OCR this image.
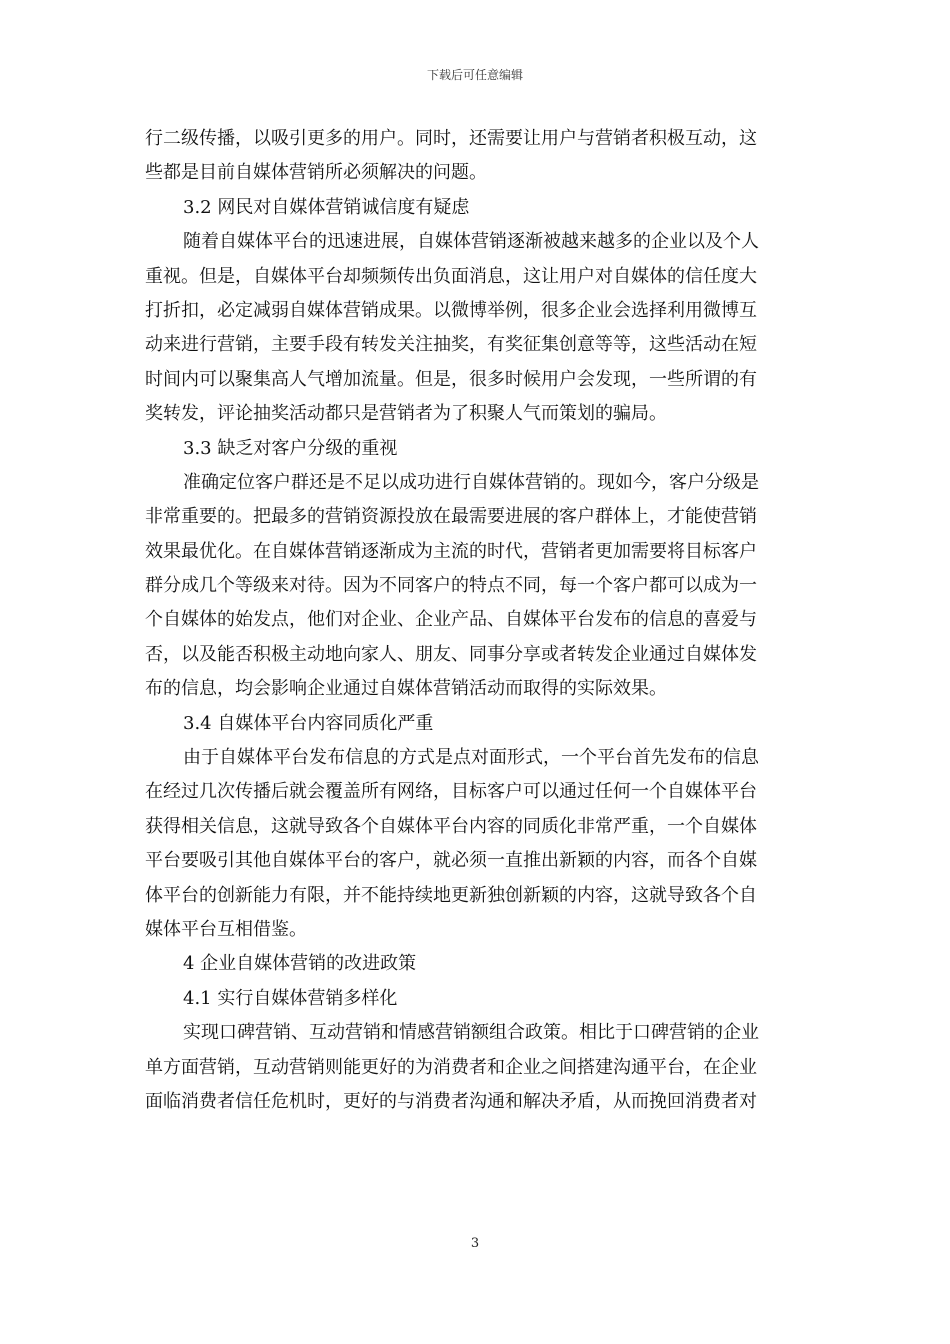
下载后可任意编辑
行二级传播，以吸引更多的用户。同时，还需要让用户与营销者积极互动，这
些都是目前自媒体营销所必须解决的问题。
3.2 网民对自媒体营销诚信度有疑虑
随着自媒体平台的迅速进展，自媒体营销逐渐被越来越多的企业以及个人
重视。但是，自媒体平台却频频传出负面消息，这让用户对自媒体的信任度大
打折扣，必定减弱自媒体营销成果。以微博举例，很多企业会选择利用微博互
动来进行营销，主要手段有转发关注抽奖，有奖征集创意等等，这些活动在短
时间内可以聚集高人气增加流量。但是，很多时候用户会发现，一些所谓的有
奖转发，评论抽奖活动都只是营销者为了积聚人气而策划的骗局。
3.3 缺乏对客户分级的重视
准确定位客户群还是不足以成功进行自媒体营销的。现如今，客户分级是
非常重要的。把最多的营销资源投放在最需要进展的客户群体上，才能使营销
效果最优化。在自媒体营销逐渐成为主流的时代，营销者更加需要将目标客户
群分成几个等级来对待。因为不同客户的特点不同，每一个客户都可以成为一
个自媒体的始发点，他们对企业、企业产品、自媒体平台发布的信息的喜爱与
否，以及能否积极主动地向家人、朋友、同事分享或者转发企业通过自媒体发
布的信息，均会影响企业通过自媒体营销活动而取得的实际效果。
3.4 自媒体平台内容同质化严重
由于自媒体平台发布信息的方式是点对面形式，一个平台首先发布的信息
在经过几次传播后就会覆盖所有网络，目标客户可以通过任何一个自媒体平台
获得相关信息，这就导致各个自媒体平台内容的同质化非常严重，一个自媒体
平台要吸引其他自媒体平台的客户，就必须一直推出新颖的内容，而各个自媒
体平台的创新能力有限，并不能持续地更新独创新颖的内容，这就导致各个自
媒体平台互相借鉴。
4 企业自媒体营销的改进政策
4.1 实行自媒体营销多样化
实现口碑营销、互动营销和情感营销额组合政策。相比于口碑营销的企业
单方面营销，互动营销则能更好的为消费者和企业之间搭建沟通平台，在企业
面临消费者信任危机时，更好的与消费者沟通和解决矛盾，从而挽回消费者对
3
